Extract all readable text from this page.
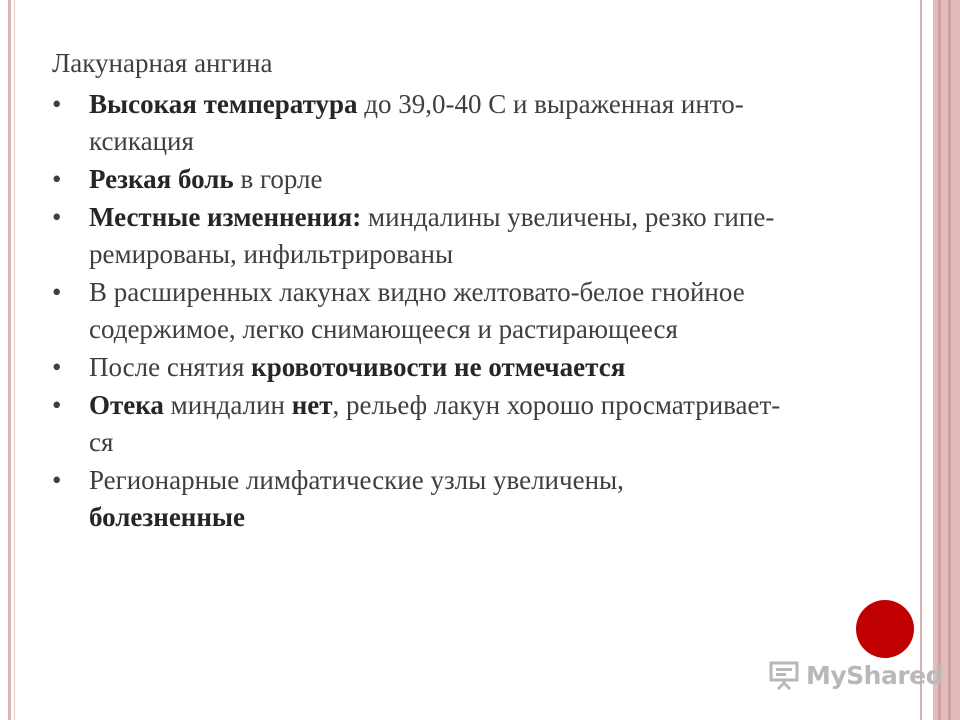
Лакунарная ангина
• Высокая температура до 39,0-40 С и выраженная инто-
ксикация
• Резкая боль в горле
• Местные изменнения: миндалины увеличены, резко гипе-
ремированы, инфильтрированы
• В расширенных лакунах видно желтовато-белое гнойное
содержимое, легко снимающееся и растирающееся
• После снятия кровоточивости не отмечается
• Отека миндалин нет, рельеф лакун хорошо просматривает-
ся
• Регионарные лимфатические узлы увеличены,
болезненные
MyShared
